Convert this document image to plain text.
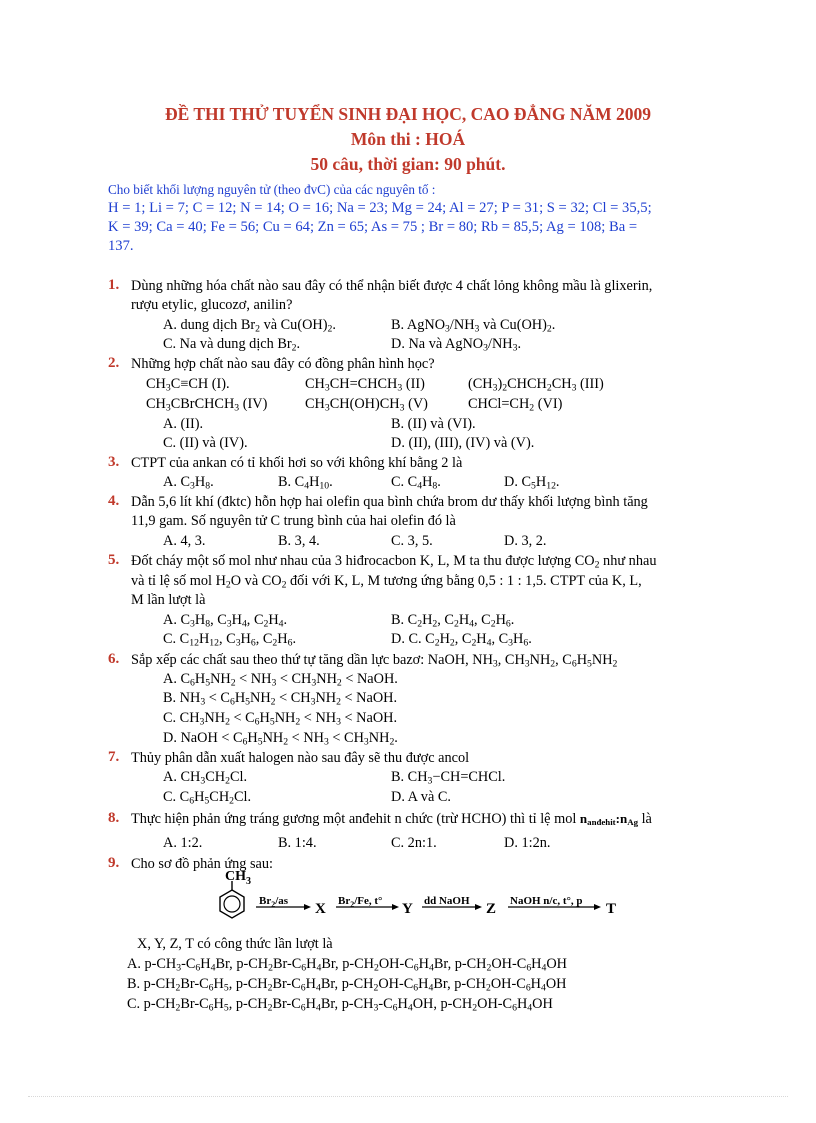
ĐỀ THI THỬ TUYỂN SINH ĐẠI HỌC, CAO ĐẲNG NĂM 2009
Môn thi : HOÁ
50 câu, thời gian: 90 phút.
Cho biết khối lượng nguyên tử (theo đvC) của các nguyên tố :
H = 1; Li = 7; C = 12; N = 14; O = 16; Na = 23; Mg = 24; Al = 27; P = 31; S = 32; Cl = 35,5;
K = 39; Ca = 40; Fe = 56; Cu = 64; Zn = 65; As = 75 ; Br = 80; Rb = 85,5; Ag = 108; Ba =
137.
1. Dùng những hóa chất nào sau đây có thể nhận biết được 4 chất lỏng không mầu là glixerin,
rượu etylic, glucozơ, anilin?
A. dung dịch $Br_2$ và $Cu(OH)_2$.	B. $AgNO_3/NH_3$ và $Cu(OH)_2$.
C. Na và dung dịch $Br_2$.	D. Na và $AgNO_3/NH_3$.
2. Những hợp chất nào sau đây có đồng phân hình học?
$CH_3C\equiv CH$ (I).	$CH_3CH=CHCH_3$ (II)	$(CH_3)_2CHCH_2CH_3$ (III)
$CH_3CBrCHCH_3$ (IV)	$CH_3CH(OH)CH_3$ (V)	$CHCl=CH_2$ (VI)
A. (II).	B. (II) và (VI).
C. (II) và (IV).	D. (II), (III), (IV) và (V).
3. CTPT của ankan có tỉ khối hơi so với không khí bằng 2 là
A. $C_3H_8$.	B. $C_4H_{10}$.	C. $C_4H_8$.	D. $C_5H_{12}$.
4. Dẫn 5,6 lít khí (đktc) hỗn hợp hai olefin qua bình chứa brom dư thấy khối lượng bình tăng
11,9 gam. Số nguyên tử C trung bình của hai olefin đó là
A. 4, 3.	B. 3, 4.	C. 3, 5.	D. 3, 2.
5. Đốt cháy một số mol như nhau của 3 hiđrocacbon K, L, M ta thu được lượng $CO_2$ như nhau
và tỉ lệ số mol $H_2O$ và $CO_2$ đối với K, L, M tương ứng bằng 0,5 : 1 : 1,5. CTPT của K, L,
M lần lượt là
A. $C_3H_8$, $C_3H_4$, $C_2H_4$.	B. $C_2H_2$, $C_2H_4$, $C_2H_6$.
C. $C_{12}H_{12}$, $C_3H_6$, $C_2H_6$.	D. C. $C_2H_2$, $C_2H_4$, $C_3H_6$.
6. Sắp xếp các chất sau theo thứ tự tăng dần lực bazơ: NaOH, $NH_3$, $CH_3NH_2$, $C_6H_5NH_2$
A. $C_6H_5NH_2 < NH_3 < CH_3NH_2$ < NaOH.
B. $NH_3 < C_6H_5NH_2 < CH_3NH_2$ < NaOH.
C. $CH_3NH_2 < C_6H_5NH_2 < NH_3$ < NaOH.
D. NaOH < $C_6H_5NH_2 < NH_3 < CH_3NH_2$.
7. Thủy phân dẫn xuất halogen nào sau đây sẽ thu được ancol
A. $CH_3CH_2Cl$.	B. $CH_3-CH=CHCl$.
C. $C_6H_5CH_2Cl$.	D. A và C.
8. Thực hiện phản ứng tráng gương một anđehit n chức (trừ HCHO) thì tỉ lệ mol $n_{anđehit}:n_{Ag}$ là
A. 1:2.	B. 1:4.	C. 2n:1.	D. 1:2n.
9. Cho sơ đồ phản ứng sau:
$CH_3$
$Br_2/as$ X $Br_2/Fe$, t° Y dd NaOH Z NaOH n/c, t°, p T
X, Y, Z, T có công thức lần lượt là
A. $p-CH_3-C_6H_4Br$, $p-CH_2Br-C_6H_4Br$, $p-CH_2OH-C_6H_4Br$, $p-CH_2OH-C_6H_4OH$
B. $p-CH_2Br-C_6H_5$, $p-CH_2Br-C_6H_4Br$, $p-CH_2OH-C_6H_4Br$, $p-CH_2OH-C_6H_4OH$
C. $p-CH_2Br-C_6H_5$, $p-CH_2Br-C_6H_4Br$, $p-CH_3-C_6H_4OH$, $p-CH_2OH-C_6H_4OH$
